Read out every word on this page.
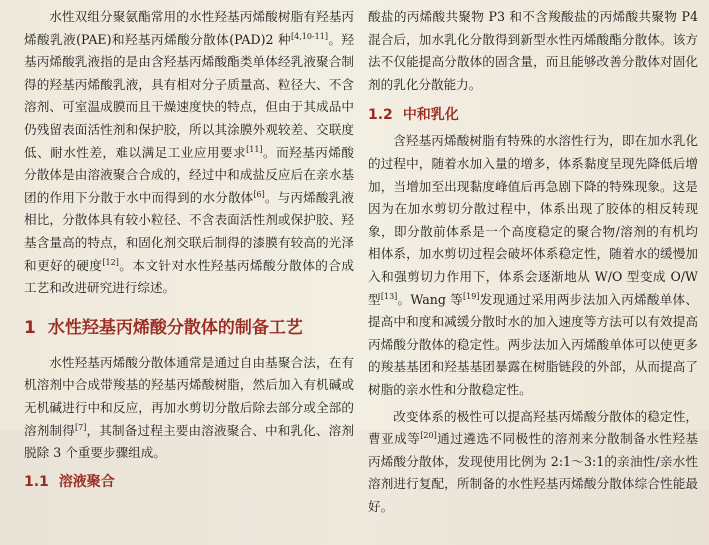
水性双组分聚氨酯常用的水性羟基丙烯酸树脂有羟基丙烯酸乳液(PAE)和羟基丙烯酸分散体(PAD)2 种[4,10-11]。羟基丙烯酸乳液指的是由含羟基丙烯酸酯类单体经乳液聚合制得的羟基丙烯酸乳液，具有相对分子质量高、粒径大、不含溶剂、可室温成膜而且干燥速度快的特点，但由于其成品中仍残留表面活性剂和保护胶，所以其涂膜外观较差、交联度低、耐水性差，难以满足工业应用要求[11]。而羟基丙烯酸分散体是由溶液聚合合成的，经过中和成盐反应后在亲水基团的作用下分散于水中而得到的水分散体[6]。与丙烯酸乳液相比，分散体具有较小粒径、不含表面活性剂或保护胶、羟基含量高的特点，和固化剂交联后制得的漆膜有较高的光泽和更好的硬度[12]。本文针对水性羟基丙烯酸分散体的合成工艺和改进研究进行综述。

1 水性羟基丙烯酸分散体的制备工艺

水性羟基丙烯酸分散体通常是通过自由基聚合法，在有机溶剂中合成带羧基的羟基丙烯酸树脂，然后加入有机碱或无机碱进行中和反应，再加水剪切分散后除去部分或全部的溶剂制得[7]，其制备过程主要由溶液聚合、中和乳化、溶剂脱除 3 个重要步骤组成。

1.1 溶液聚合

酸盐的丙烯酸共聚物 P3 和不含羧酸盐的丙烯酸共聚物 P4 混合后，加水乳化分散得到新型水性丙烯酸酯分散体。该方法不仅能提高分散体的固含量，而且能够改善分散体对固化剂的乳化分散能力。

1.2 中和乳化

含羟基丙烯酸树脂有特殊的水溶性行为，即在加水乳化的过程中，随着水加入量的增多，体系黏度呈现先降低后增加，当增加至出现黏度峰值后再急剧下降的特殊现象。这是因为在加水剪切分散过程中，体系出现了胶体的相反转现象，即分散前体系是一个高度稳定的聚合物/溶剂的有机均相体系，加水剪切过程会破坏体系稳定性，随着水的缓慢加入和强剪切力作用下，体系会逐渐地从 W/O 型变成 O/W 型[13]。Wang 等[19]发现通过采用两步法加入丙烯酸单体、提高中和度和减缓分散时水的加入速度等方法可以有效提高丙烯酸分散体的稳定性。两步法加入丙烯酸单体可以使更多的羧基基团和羟基基团暴露在树脂链段的外部，从而提高了树脂的亲水性和分散稳定性。

改变体系的极性可以提高羟基丙烯酸分散体的稳定性，曹亚成等[20]通过遴选不同极性的溶剂来分散制备水性羟基丙烯酸分散体，发现使用比例为 2:1～3:1的亲油性/亲水性溶剂进行复配，所制备的水性羟基丙烯酸分散体综合性能最好。
